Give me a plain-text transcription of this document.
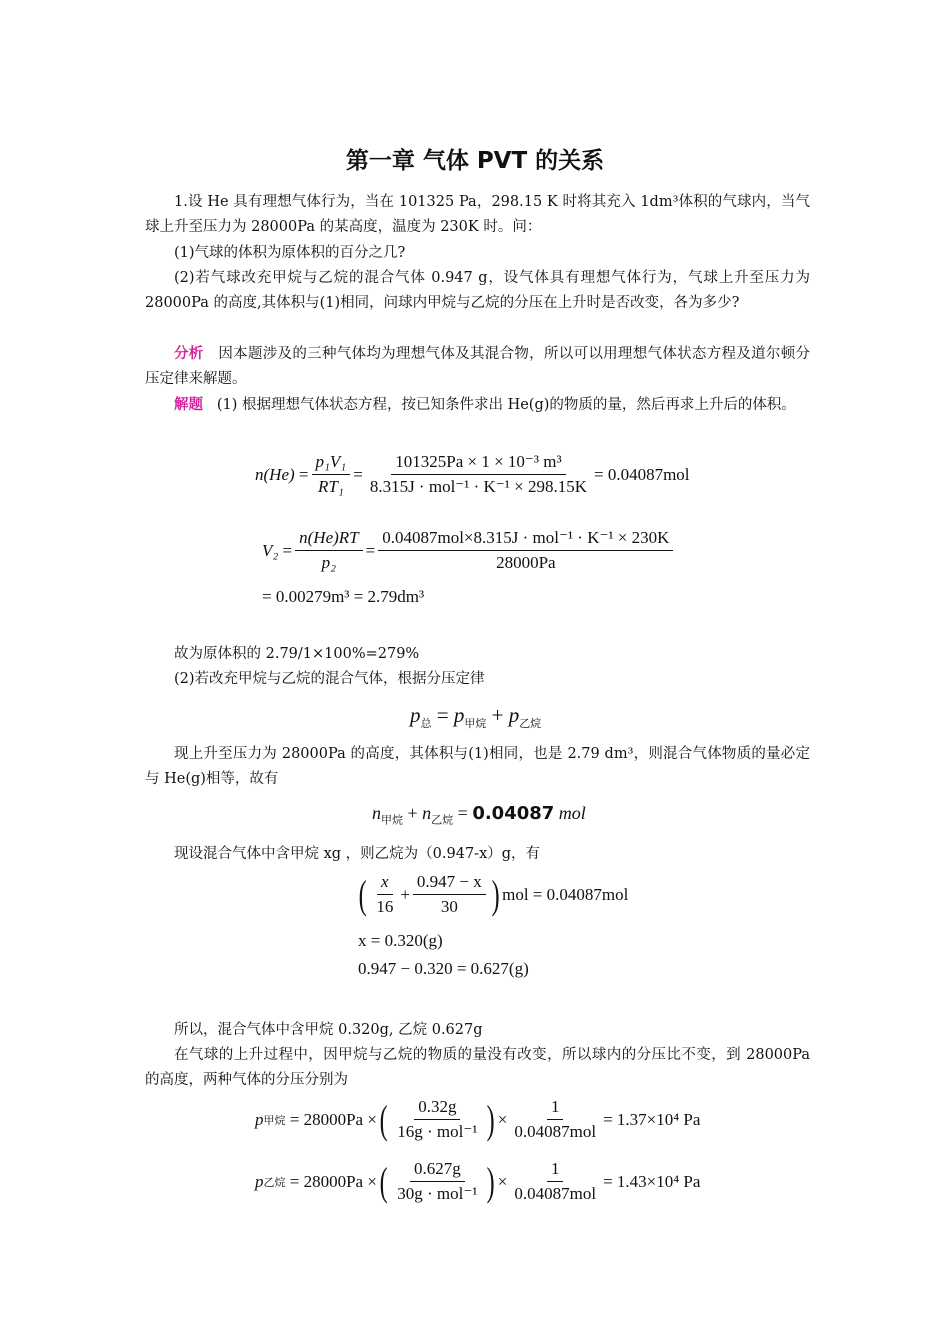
第一章 气体 PVT 的关系
1.设 He 具有理想气体行为，当在 101325 Pa，298.15 K 时将其充入 1dm³体积的气球内，当气球上升至压力为 28000Pa 的某高度，温度为 230K 时。问：
(1)气球的体积为原体积的百分之几?
(2)若气球改充甲烷与乙烷的混合气体 0.947 g，设气体具有理想气体行为，气球上升至压力为 28000Pa 的高度,其体积与(1)相同，问球内甲烷与乙烷的分压在上升时是否改变，各为多少?
分析 因本题涉及的三种气体均为理想气体及其混合物，所以可以用理想气体状态方程及道尔顿分压定律来解题。
解题 (1) 根据理想气体状态方程，按已知条件求出 He(g)的物质的量，然后再求上升后的体积。
$n(He) = \frac{\text{p₁V₁}}{\text{RT₁}} = \frac{\text{101325Pa × 1 × 10⁻³ m³}}{\text{8.315J · mol⁻¹ · K⁻¹ × 298.15K}} = 0.04087mol$
$V_2 = \frac{n(He)RT}{\text{p₂}} = \frac{\text{0.04087mol×8.315J · mol⁻¹ · K⁻¹ × 230K}}{28000Pa}$
= 0.00279m³ = 2.79dm³
故为原体积的 2.79/1×100%=279%
(2)若改充甲烷与乙烷的混合气体，根据分压定律
$p_总 = p_{甲烷} + p_{乙烷}$
现上升至压力为 28000Pa 的高度，其体积与(1)相同，也是 2.79 dm³，则混合气体物质的量必定与 He(g)相等，故有
$n_{甲烷} + n_{乙烷} = 0.04087$ mol
现设混合气体中含甲烷 xg ，则乙烷为（0.947-x）g，有
( $\frac{x}{16} + \frac{0.947 - x}{30}$ ) mol = 0.04087mol
x = 0.320(g)
0.947 − 0.320 = 0.627(g)
所以，混合气体中含甲烷 0.320g, 乙烷 0.627g
在气球的上升过程中，因甲烷与乙烷的物质的量没有改变，所以球内的分压比不变，到 28000Pa 的高度，两种气体的分压分别为
p 甲烷
= 28000Pa × ( $\frac{0.32g}{\text{16g · mol⁻¹}}$ ) × $\frac{1}{\text{0.04087mol}} = 1.37\times 10^4$ Pa
p 乙烷
= 28000Pa × ( $\frac{0.627g}{\text{30g · mol⁻¹}}$ ) × $\frac{1}{\text{0.04087mol}} = 1.43\times 10^4$ Pa
